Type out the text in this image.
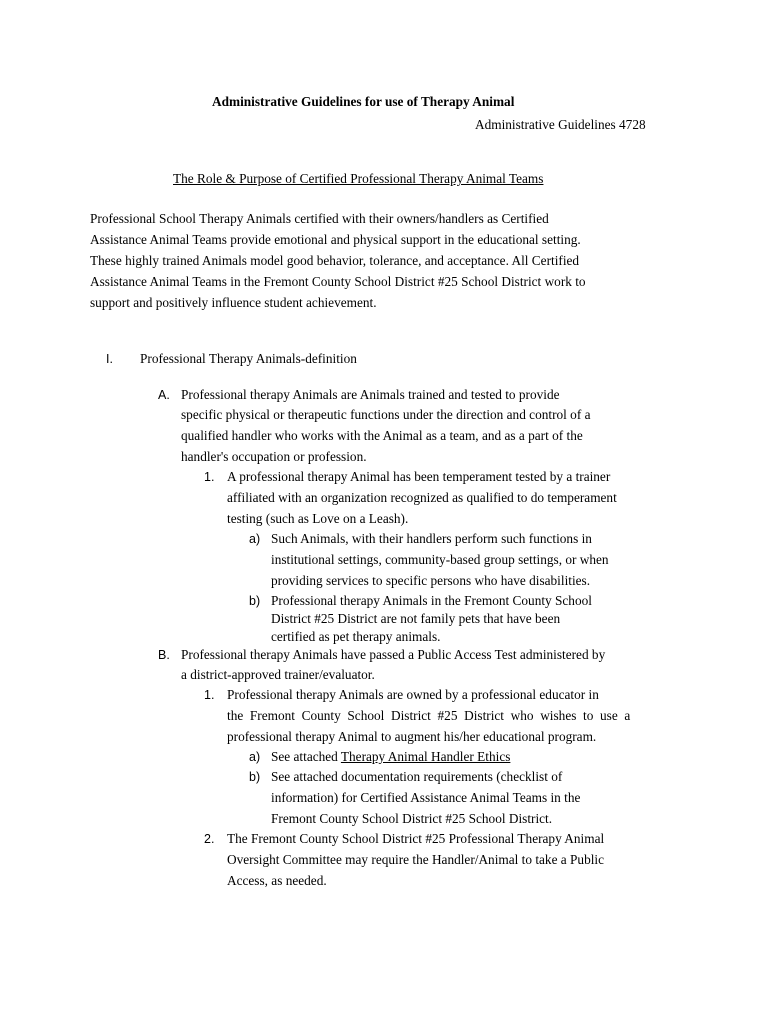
Administrative Guidelines for use of Therapy Animal
Administrative Guidelines 4728
The Role & Purpose of Certified Professional Therapy Animal Teams
Professional School Therapy Animals certified with their owners/handlers as Certified
Assistance Animal Teams provide emotional and physical support in the educational setting.
These highly trained Animals model good behavior, tolerance, and acceptance. All Certified
Assistance Animal Teams in the Fremont County School District #25 School District work to
support and positively influence student achievement.
I. Professional Therapy Animals-definition
A. Professional therapy Animals are Animals trained and tested to provide
specific physical or therapeutic functions under the direction and control of a
qualified handler who works with the Animal as a team, and as a part of the
handler's occupation or profession.
1. A professional therapy Animal has been temperament tested by a trainer
affiliated with an organization recognized as qualified to do temperament
testing (such as Love on a Leash).
a) Such Animals, with their handlers perform such functions in
institutional settings, community-based group settings, or when
providing services to specific persons who have disabilities.
b) Professional therapy Animals in the Fremont County School
District #25 District are not family pets that have been
certified as pet therapy animals.
B. Professional therapy Animals have passed a Public Access Test administered by
a district-approved trainer/evaluator.
1. Professional therapy Animals are owned by a professional educator in
the  Fremont  County  School  District  #25  District  who  wishes  to  use  a
professional therapy Animal to augment his/her educational program.
a) See attached Therapy Animal Handler Ethics
b) See attached documentation requirements (checklist of
information) for Certified Assistance Animal Teams in the
Fremont County School District #25 School District.
2. The Fremont County School District #25 Professional Therapy Animal
Oversight Committee may require the Handler/Animal to take a Public
Access, as needed.
